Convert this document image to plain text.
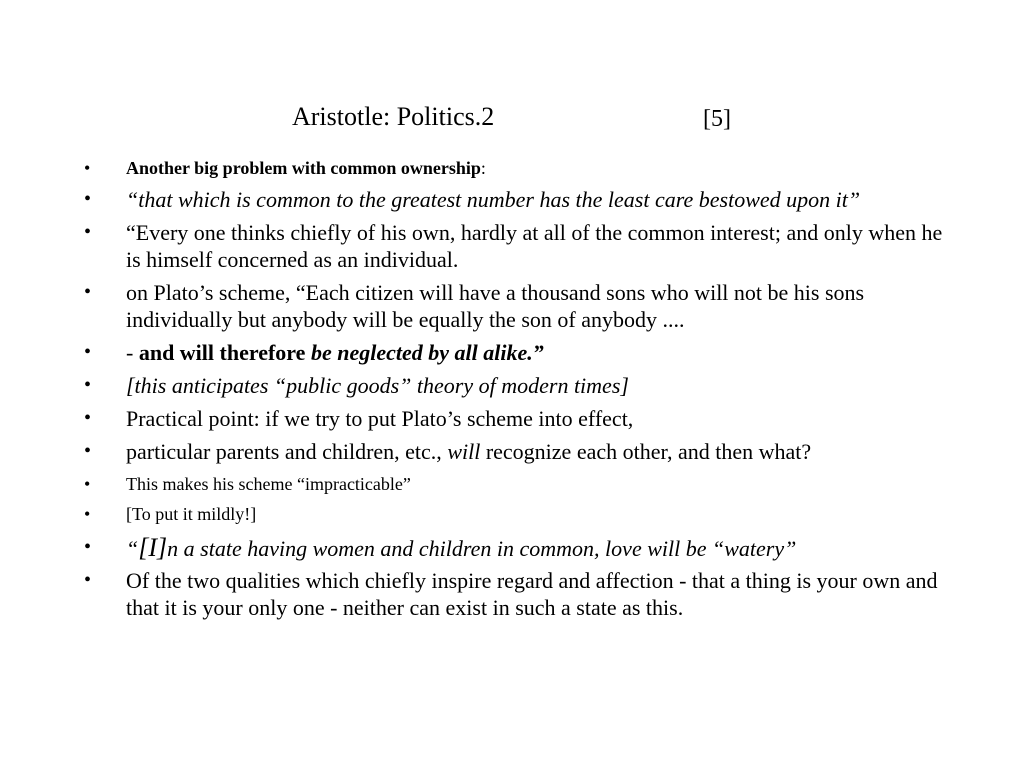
Aristotle: Politics.2	[5]
• Another big problem with common ownership:
• “that which is common to the greatest number has the least care bestowed upon it”
• “Every one thinks chiefly of his own, hardly at all of the common interest; and only when he is himself concerned as an individual.
• on Plato’s scheme, “Each citizen will have a thousand sons who will not be his sons individually but anybody will be equally the son of anybody ....
• - and will therefore be neglected by all alike.”
• [this anticipates “public goods” theory of modern times]
• Practical point: if we try to put Plato’s scheme into effect,
• particular parents and children, etc., will recognize each other, and then what?
• This makes his scheme “impracticable”
• [To put it mildly!]
• “[I]n a state having women and children in common, love will be “watery”
• Of the two qualities which chiefly inspire regard and affection - that a thing is your own and that it is your only one - neither can exist in such a state as this.
